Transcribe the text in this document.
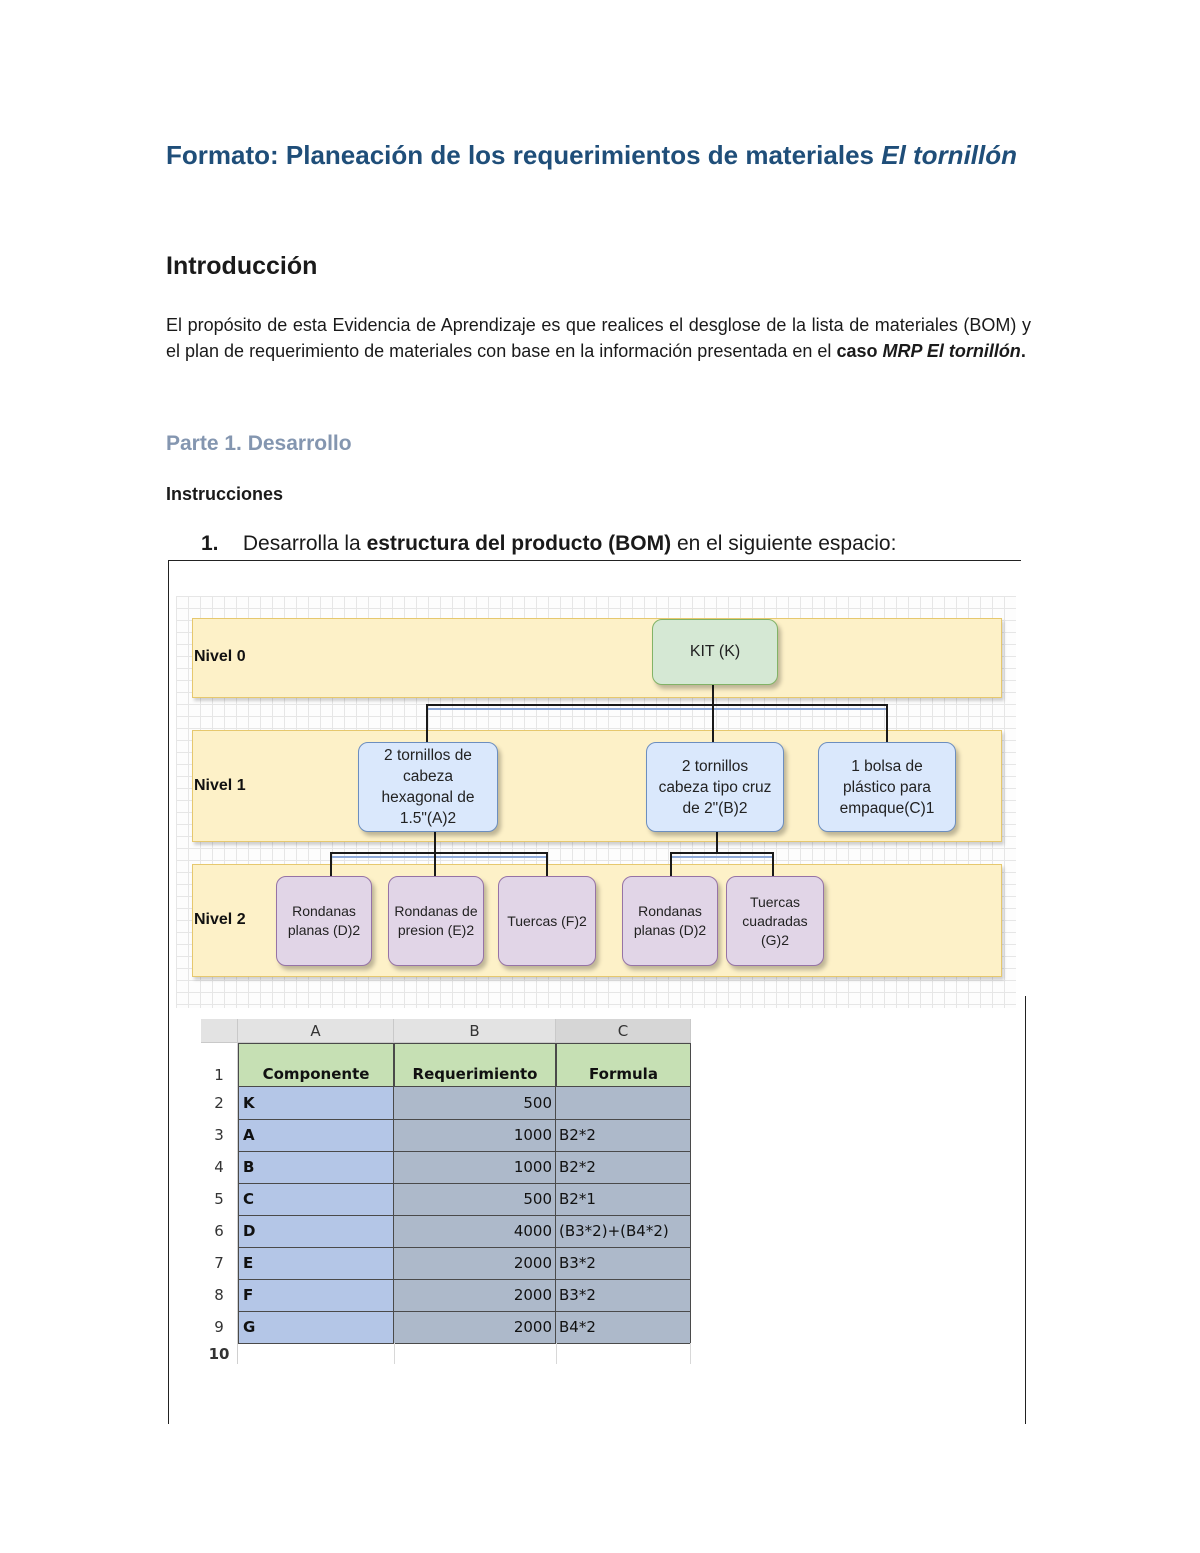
Formato: Planeación de los requerimientos de materiales El tornillón
Introducción
El propósito de esta Evidencia de Aprendizaje es que realices el desglose de la lista de materiales (BOM) y el plan de requerimiento de materiales con base en la información presentada en el caso MRP El tornillón.
Parte 1. Desarrollo
Instrucciones
1. Desarrolla la estructura del producto (BOM) en el siguiente espacio:
Nivel 0
Nivel 1
Nivel 2
KIT (K)
2 tornillos de
cabeza
hexagonal de
1.5"(A)2
2 tornillos
cabeza tipo cruz
de 2"(B)2
1 bolsa de
plástico para
empaque(C)1
Rondanas
planas (D)2
Rondanas de
presion (E)2
Tuercas (F)2
Rondanas
planas (D)2
Tuercas
cuadradas
(G)2
A	B	C
1
2
3
4
5
6
7
8
9
10
Componente	Requerimiento	Formula
K	500
A	1000 B2*2
B	1000 B2*2
C	500 B2*1
D	4000 (B3*2)+(B4*2)
E	2000 B3*2
F	2000 B3*2
G	2000 B4*2
